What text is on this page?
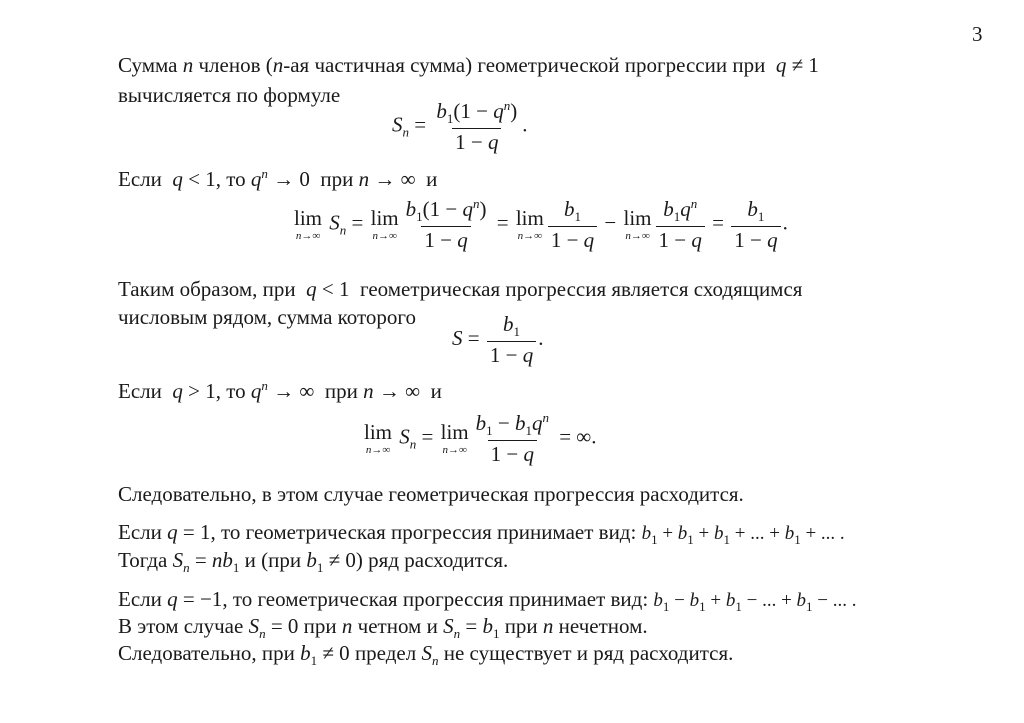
3
Сумма n членов (n-ая частичная сумма) геометрической прогрессии при q ≠ 1
вычисляется по формуле
$S_n = \frac{b_1(1 - q^n)}{1 - q}$ .
Если q < 1, то $q^n \to 0$  при n → ∞  и
lim
n→∞
$S_n = \lim$
$n\to\infty \frac{b_1(1 - q^n)}{1 - q} = \lim$
$n\to\infty \frac{b_1}{1 - q} - \lim$
$n\to\infty \frac{b_1q^n}{1 - q} = \frac{b_1}{1 - q}$ .
Таким образом, при q < 1  геометрическая прогрессия является сходящимся
числовым рядом, сумма которого
$S = \frac{b_1}{1 - q}$ .
Если q > 1, то $q^n$ → ∞  при n → ∞  и
lim
n→∞
$S_n = \lim$
$n\to\infty \frac{b_1 - b_1q^n}{1 - q}$ = ∞.
Следовательно, в этом случае геометрическая прогрессия расходится.
Если q = 1, то геометрическая прогрессия принимает вид: $b_1 + b_1 + b_1$ + ... + $b_1$ + ... .
Тогда $S_n = nb_1$ и (при $b_1 \ne 0$) ряд расходится.
Если q = −1, то геометрическая прогрессия принимает вид: $b_1 - b_1 + b_1$ − ... + $b_1$ − ... .
В этом случае $S_n = 0$ при n четном и $S_n = b_1$ при n нечетном.
Следовательно, при $b_1 \ne 0$ предел $S_n$ не существует и ряд расходится.
